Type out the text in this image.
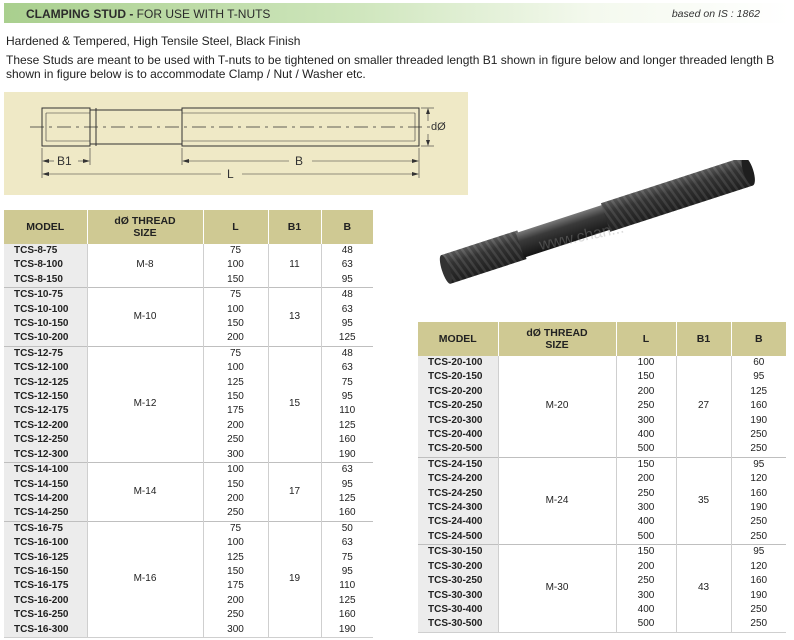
CLAMPING STUD - FOR USE WITH T-NUTS	based on IS : 1862
Hardened & Tempered, High Tensile Steel, Black Finish
These Studs are meant to be used with T-nuts to be tightened on smaller threaded length B1 shown in figure below and longer threaded length B shown in figure below is to accommodate Clamp / Nut / Washer etc.
B1	B
L
dØ
www.chan...
MODEL	dØ THREAD
SIZE	L	B1	B
TCS-8-75	M-8	75	11	48
TCS-8-100		100		63
TCS-8-150		150		95
TCS-10-75	M-10	75	13	48
TCS-10-100		100		63
TCS-10-150		150		95
TCS-10-200		200		125
TCS-12-75	M-12	75	15	48
TCS-12-100		100		63
TCS-12-125		125		75
TCS-12-150		150		95
TCS-12-175		175		110
TCS-12-200		200		125
TCS-12-250		250		160
TCS-12-300		300		190
TCS-14-100	M-14	100	17	63
TCS-14-150		150		95
TCS-14-200		200		125
TCS-14-250		250		160
TCS-16-75	M-16	75	19	50
TCS-16-100		100		63
TCS-16-125		125		75
TCS-16-150		150		95
TCS-16-175		175		110
TCS-16-200		200		125
TCS-16-250		250		160
TCS-16-300		300		190
MODEL	dØ THREAD
SIZE	L	B1	B
TCS-20-100	M-20	100	27	60
TCS-20-150		150		95
TCS-20-200		200		125
TCS-20-250		250		160
TCS-20-300		300		190
TCS-20-400		400		250
TCS-20-500		500		250
TCS-24-150	M-24	150	35	95
TCS-24-200		200		120
TCS-24-250		250		160
TCS-24-300		300		190
TCS-24-400		400		250
TCS-24-500		500		250
TCS-30-150	M-30	150	43	95
TCS-30-200		200		120
TCS-30-250		250		160
TCS-30-300		300		190
TCS-30-400		400		250
TCS-30-500		500		250
